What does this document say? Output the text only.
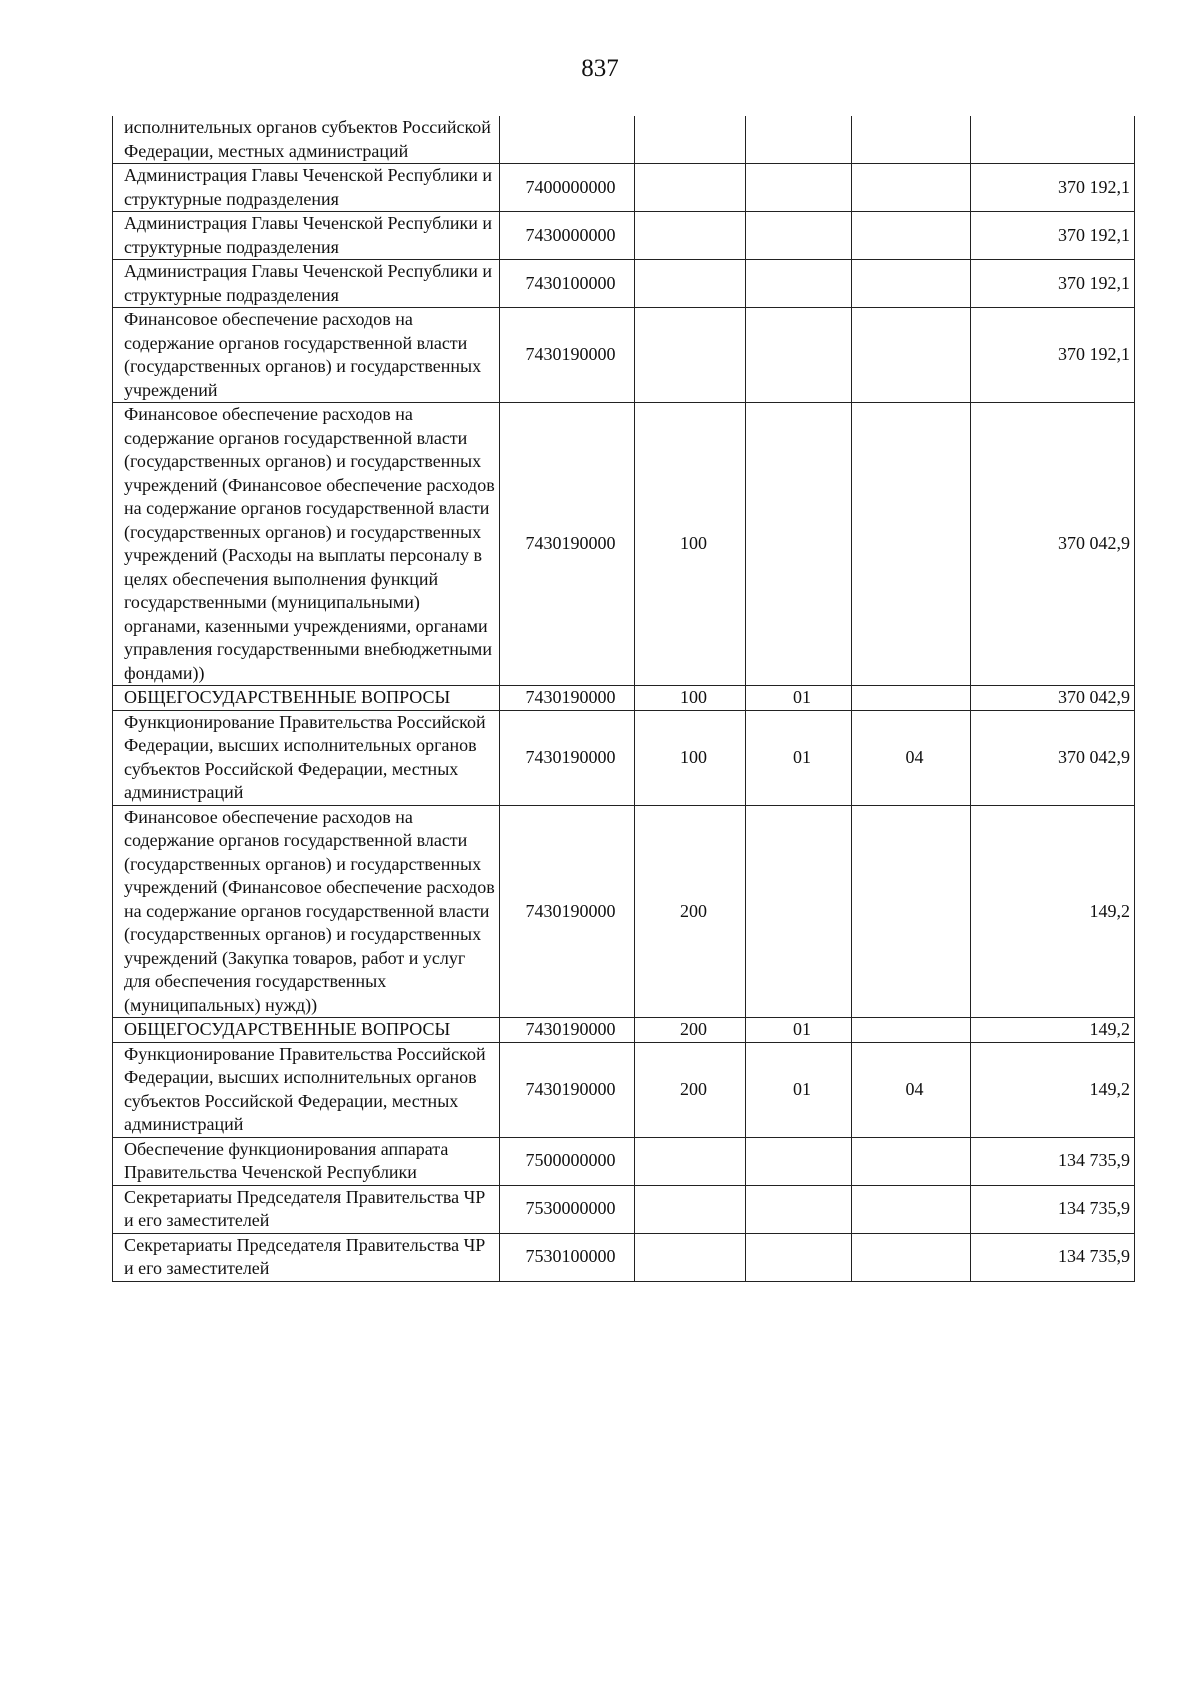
837
исполнительных органов субъектов Российской Федерации, местных администраций					
Администрация Главы Чеченской Республики и структурные подразделения	7400000000				370 192,1
Администрация Главы Чеченской Республики и структурные подразделения	7430000000				370 192,1
Администрация Главы Чеченской Республики и структурные подразделения	7430100000				370 192,1
Финансовое обеспечение расходов на содержание органов государственной власти (государственных органов) и государственных учреждений	7430190000				370 192,1
Финансовое обеспечение расходов на содержание органов государственной власти (государственных органов) и государственных учреждений (Финансовое обеспечение расходов на содержание органов государственной власти (государственных органов) и государственных учреждений (Расходы на выплаты персоналу в целях обеспечения выполнения функций государственными (муниципальными) органами, казенными учреждениями, органами управления государственными внебюджетными фондами))	7430190000	100			370 042,9
ОБЩЕГОСУДАРСТВЕННЫЕ ВОПРОСЫ	7430190000	100	01		370 042,9
Функционирование Правительства Российской Федерации, высших исполнительных органов субъектов Российской Федерации, местных администраций	7430190000	100	01	04	370 042,9
Финансовое обеспечение расходов на содержание органов государственной власти (государственных органов) и государственных учреждений (Финансовое обеспечение расходов на содержание органов государственной власти (государственных органов) и государственных учреждений (Закупка товаров, работ и услуг для обеспечения государственных (муниципальных) нужд))	7430190000	200			149,2
ОБЩЕГОСУДАРСТВЕННЫЕ ВОПРОСЫ	7430190000	200	01		149,2
Функционирование Правительства Российской Федерации, высших исполнительных органов субъектов Российской Федерации, местных администраций	7430190000	200	01	04	149,2
Обеспечение функционирования аппарата Правительства Чеченской Республики	7500000000				134 735,9
Секретариаты Председателя Правительства ЧР и его заместителей	7530000000				134 735,9
Секретариаты Председателя Правительства ЧР и его заместителей	7530100000				134 735,9
